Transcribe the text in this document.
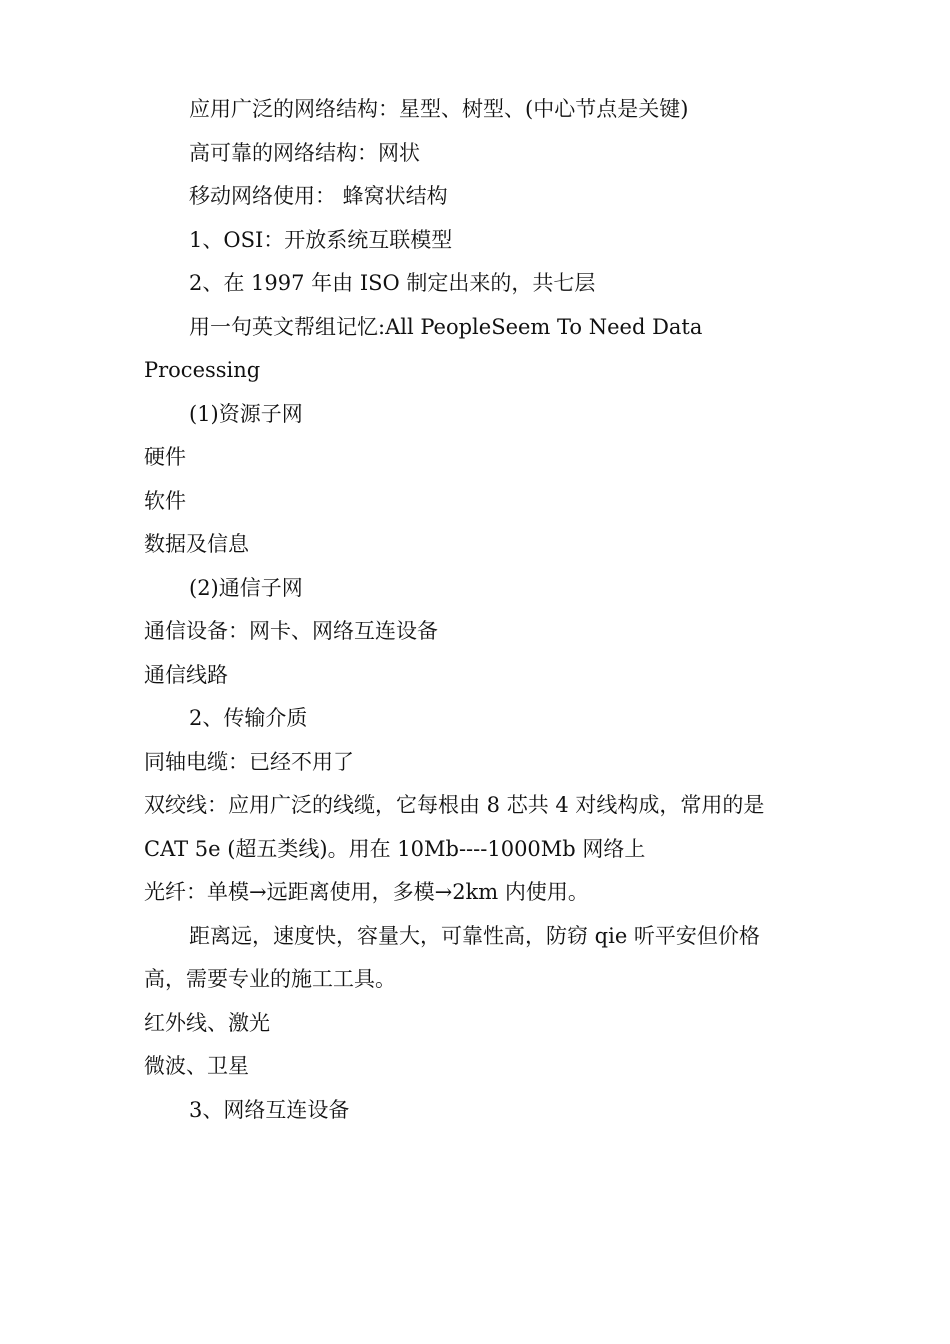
应用广泛的网络结构：星型、树型、(中心节点是关键)

高可靠的网络结构：网状

移动网络使用： 蜂窝状结构

1、OSI：开放系统互联模型

2、在 1997 年由 ISO 制定出来的，共七层

用一句英文帮组记忆:All PeopleSeem To Need Data

Processing

(1)资源子网

硬件

软件

数据及信息

(2)通信子网

通信设备：网卡、网络互连设备

通信线路

2、传输介质

同轴电缆：已经不用了

双绞线：应用广泛的线缆，它每根由 8 芯共 4 对线构成，常用的是

CAT 5e (超五类线)。用在 10Mb----1000Mb 网络上

光纤：单模→远距离使用，多模→2km 内使用。

距离远，速度快，容量大，可靠性高，防窃 qie 听平安但价格

高，需要专业的施工工具。

红外线、激光

微波、卫星

3、网络互连设备
